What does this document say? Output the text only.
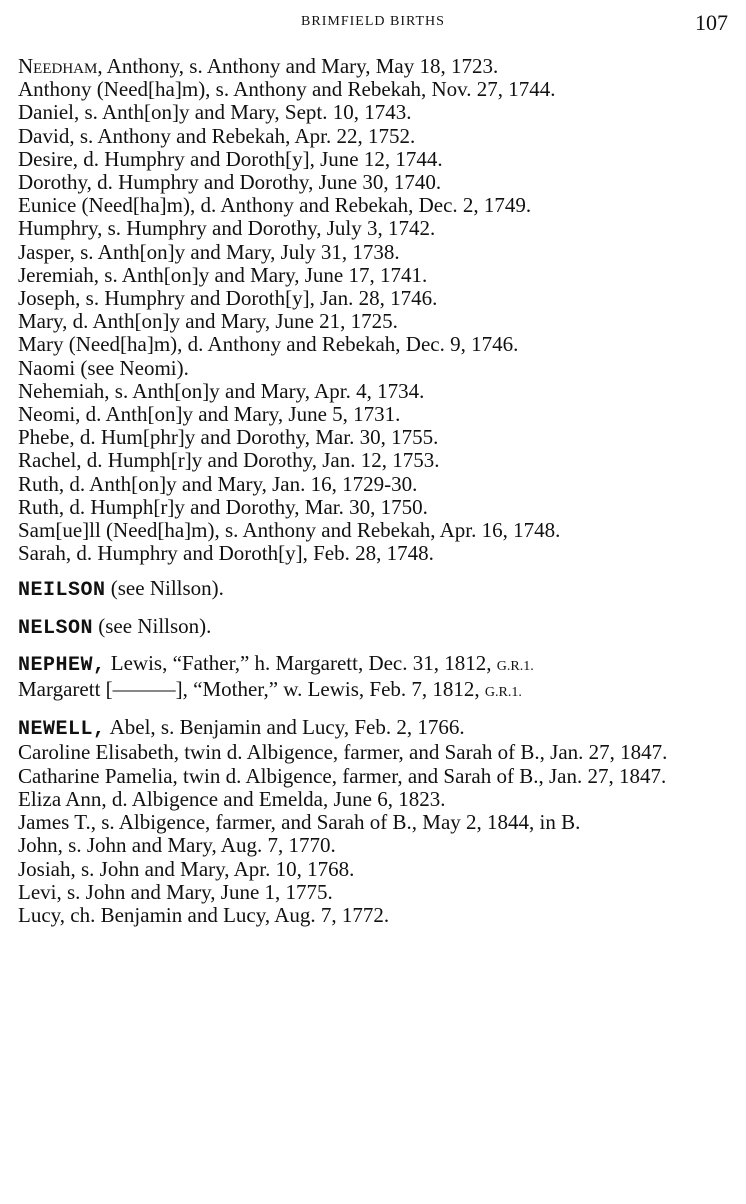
BRIMFIELD BIRTHS	107

Needham, Anthony, s. Anthony and Mary, May 18, 1723.

Anthony (Need[ha]m), s. Anthony and Rebekah, Nov. 27, 1744.

Daniel, s. Anth[on]y and Mary, Sept. 10, 1743.

David, s. Anthony and Rebekah, Apr. 22, 1752.

Desire, d. Humphry and Doroth[y], June 12, 1744.

Dorothy, d. Humphry and Dorothy, June 30, 1740.

Eunice (Need[ha]m), d. Anthony and Rebekah, Dec. 2, 1749.

Humphry, s. Humphry and Dorothy, July 3, 1742.

Jasper, s. Anth[on]y and Mary, July 31, 1738.

Jeremiah, s. Anth[on]y and Mary, June 17, 1741.

Joseph, s. Humphry and Doroth[y], Jan. 28, 1746.

Mary, d. Anth[on]y and Mary, June 21, 1725.

Mary (Need[ha]m), d. Anthony and Rebekah, Dec. 9, 1746.

Naomi (see Neomi).

Nehemiah, s. Anth[on]y and Mary, Apr. 4, 1734.

Neomi, d. Anth[on]y and Mary, June 5, 1731.

Phebe, d. Hum[phr]y and Dorothy, Mar. 30, 1755.

Rachel, d. Humph[r]y and Dorothy, Jan. 12, 1753.

Ruth, d. Anth[on]y and Mary, Jan. 16, 1729-30.

Ruth, d. Humph[r]y and Dorothy, Mar. 30, 1750.

Sam[ue]ll (Need[ha]m), s. Anthony and Rebekah, Apr. 16, 1748.

Sarah, d. Humphry and Doroth[y], Feb. 28, 1748.

NEILSON (see Nillson).

NELSON (see Nillson).

NEPHEW, Lewis, “Father,” h. Margarett, Dec. 31, 1812, G.R.1.

Margarett [———], “Mother,” w. Lewis, Feb. 7, 1812, G.R.1.

NEWELL, Abel, s. Benjamin and Lucy, Feb. 2, 1766.

Caroline Elisabeth, twin d. Albigence, farmer, and Sarah of B., Jan. 27, 1847.

Catharine Pamelia, twin d. Albigence, farmer, and Sarah of B., Jan. 27, 1847.

Eliza Ann, d. Albigence and Emelda, June 6, 1823.

James T., s. Albigence, farmer, and Sarah of B., May 2, 1844, in B.

John, s. John and Mary, Aug. 7, 1770.

Josiah, s. John and Mary, Apr. 10, 1768.

Levi, s. John and Mary, June 1, 1775.

Lucy, ch. Benjamin and Lucy, Aug. 7, 1772.
